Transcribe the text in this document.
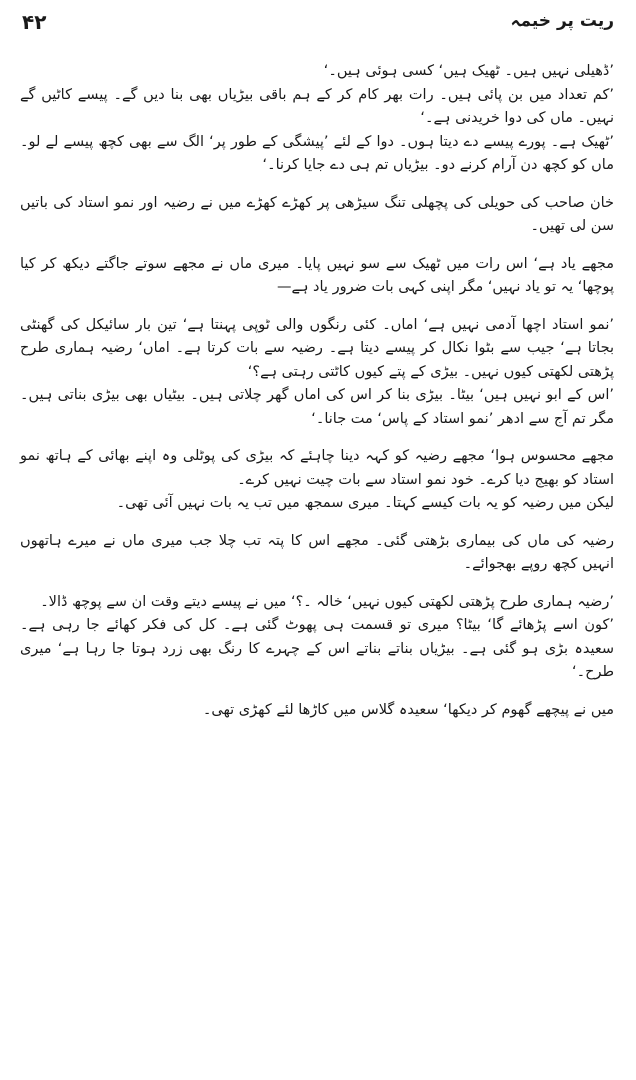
۴۲	ریت پر خیمہ

’ڈھیلی نہیں ہیں۔ ٹھیک ہیں‘ کسی ہوئی ہیں۔‘

’کم تعداد میں بن پائی ہیں۔ رات بھر کام کر کے ہم باقی بیڑیاں بھی بنا دیں گے۔ پیسے کاٹیں گے نہیں۔ ماں کی دوا خریدنی ہے۔‘

’ٹھیک ہے۔ پورے پیسے دے دیتا ہوں۔ دوا کے لئے ’پیشگی کے طور پر‘ الگ سے بھی کچھ پیسے لے لو۔ ماں کو کچھ دن آرام کرنے دو۔ بیڑیاں تم ہی دے جایا کرنا۔‘

خان صاحب کی حویلی کی پچھلی تنگ سیڑھی پر کھڑے کھڑے میں نے رضیہ اور نمو استاد کی باتیں سن لی تھیں۔

مجھے یاد ہے‘ اس رات میں ٹھیک سے سو نہیں پایا۔ میری ماں نے مجھے سوتے جاگتے دیکھ کر کیا پوچھا‘ یہ تو یاد نہیں‘ مگر اپنی کہی بات ضرور یاد ہے—

’نمو استاد اچھا آدمی نہیں ہے‘ اماں۔ کئی رنگوں والی ٹوپی پہنتا ہے‘ تین بار سائیکل کی گھنٹی بجاتا ہے‘ جیب سے بٹوا نکال کر پیسے دیتا ہے۔ رضیہ سے بات کرتا ہے۔ اماں‘ رضیہ ہماری طرح پڑھتی لکھتی کیوں نہیں۔ بیڑی کے پتے کیوں کاٹتی رہتی ہے؟‘

’اس کے ابو نہیں ہیں‘ بیٹا۔ بیڑی بنا کر اس کی اماں گھر چلاتی ہیں۔ بیٹیاں بھی بیڑی بناتی ہیں۔ مگر تم آج سے ادھر ’نمو استاد کے پاس‘ مت جانا۔‘

مجھے محسوس ہوا‘ مجھے رضیہ کو کہہ دینا چاہئے کہ بیڑی کی پوٹلی وہ اپنے بھائی کے ہاتھ نمو استاد کو بھیج دیا کرے۔ خود نمو استاد سے بات چیت نہیں کرے۔

لیکن میں رضیہ کو یہ بات کیسے کہتا۔ میری سمجھ میں تب یہ بات نہیں آئی تھی۔

رضیہ کی ماں کی بیماری بڑھتی گئی۔ مجھے اس کا پتہ تب چلا جب میری ماں نے میرے ہاتھوں انہیں کچھ روپے بھجوائے۔

’رضیہ ہماری طرح پڑھتی لکھتی کیوں نہیں‘ خالہ ۔؟‘ میں نے پیسے دیتے وقت ان سے پوچھ ڈالا۔

’کون اسے پڑھائے گا‘ بیٹا؟ میری تو قسمت ہی پھوٹ گئی ہے۔ کل کی فکر کھائے جا رہی ہے۔ سعیدہ بڑی ہو گئی ہے۔ بیڑیاں بناتے بناتے اس کے چہرے کا رنگ بھی زرد ہوتا جا رہا ہے‘ میری طرح۔‘

میں نے پیچھے گھوم کر دیکھا‘ سعیدہ گلاس میں کاڑھا لئے کھڑی تھی۔
